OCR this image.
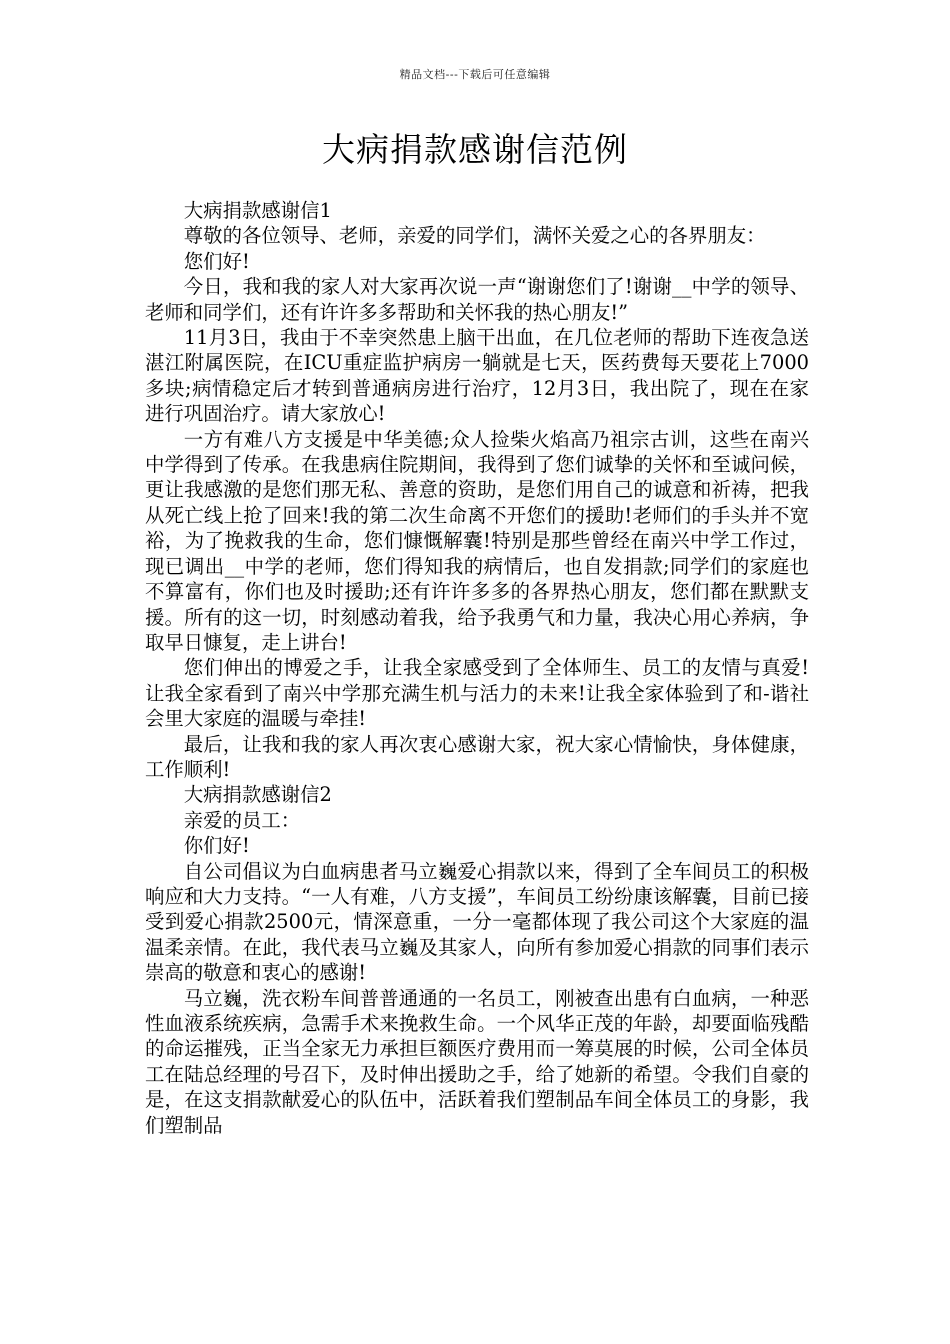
精品文档---下载后可任意编辑
大病捐款感谢信范例

大病捐款感谢信1

尊敬的各位领导、老师，亲爱的同学们，满怀关爱之心的各界朋友：

您们好!

今日，我和我的家人对大家再次说一声“谢谢您们了!谢谢__中学的领导、老师和同学们，还有许许多多帮助和关怀我的热心朋友!”

11月3日，我由于不幸突然患上脑干出血，在几位老师的帮助下连夜急送湛江附属医院，在ICU重症监护病房一躺就是七天，医药费每天要花上7000多块;病情稳定后才转到普通病房进行治疗，12月3日，我出院了，现在在家进行巩固治疗。请大家放心!

一方有难八方支援是中华美德;众人捡柴火焰高乃祖宗古训，这些在南兴中学得到了传承。在我患病住院期间，我得到了您们诚挚的关怀和至诚问候，更让我感激的是您们那无私、善意的资助，是您们用自己的诚意和祈祷，把我从死亡线上抢了回来!我的第二次生命离不开您们的援助!老师们的手头并不宽裕，为了挽救我的生命，您们慷慨解囊!特别是那些曾经在南兴中学工作过，现已调出__中学的老师，您们得知我的病情后，也自发捐款;同学们的家庭也不算富有，你们也及时援助;还有许许多多的各界热心朋友，您们都在默默支援。所有的这一切，时刻感动着我，给予我勇气和力量，我决心用心养病，争取早日慷复，走上讲台!

您们伸出的博爱之手，让我全家感受到了全体师生、员工的友情与真爱!让我全家看到了南兴中学那充满生机与活力的未来!让我全家体验到了和-谐社会里大家庭的温暖与牵挂!

最后，让我和我的家人再次衷心感谢大家，祝大家心情愉快，身体健康，工作顺利!

大病捐款感谢信2

亲爱的员工：

你们好!

自公司倡议为白血病患者马立巍爱心捐款以来，得到了全车间员工的积极响应和大力支持。“一人有难，八方支援”，车间员工纷纷康该解囊，目前已接受到爱心捐款2500元，情深意重，一分一毫都体现了我公司这个大家庭的温温柔亲情。在此，我代表马立巍及其家人，向所有参加爱心捐款的同事们表示崇高的敬意和衷心的感谢!

马立巍，洗衣粉车间普普通通的一名员工，刚被查出患有白血病，一种恶性血液系统疾病，急需手术来挽救生命。一个风华正茂的年龄，却要面临残酷的命运摧残，正当全家无力承担巨额医疗费用而一筹莫展的时候，公司全体员工在陆总经理的号召下，及时伸出援助之手，给了她新的希望。令我们自豪的是，在这支捐款献爱心的队伍中，活跃着我们塑制品车间全体员工的身影，我们塑制品
